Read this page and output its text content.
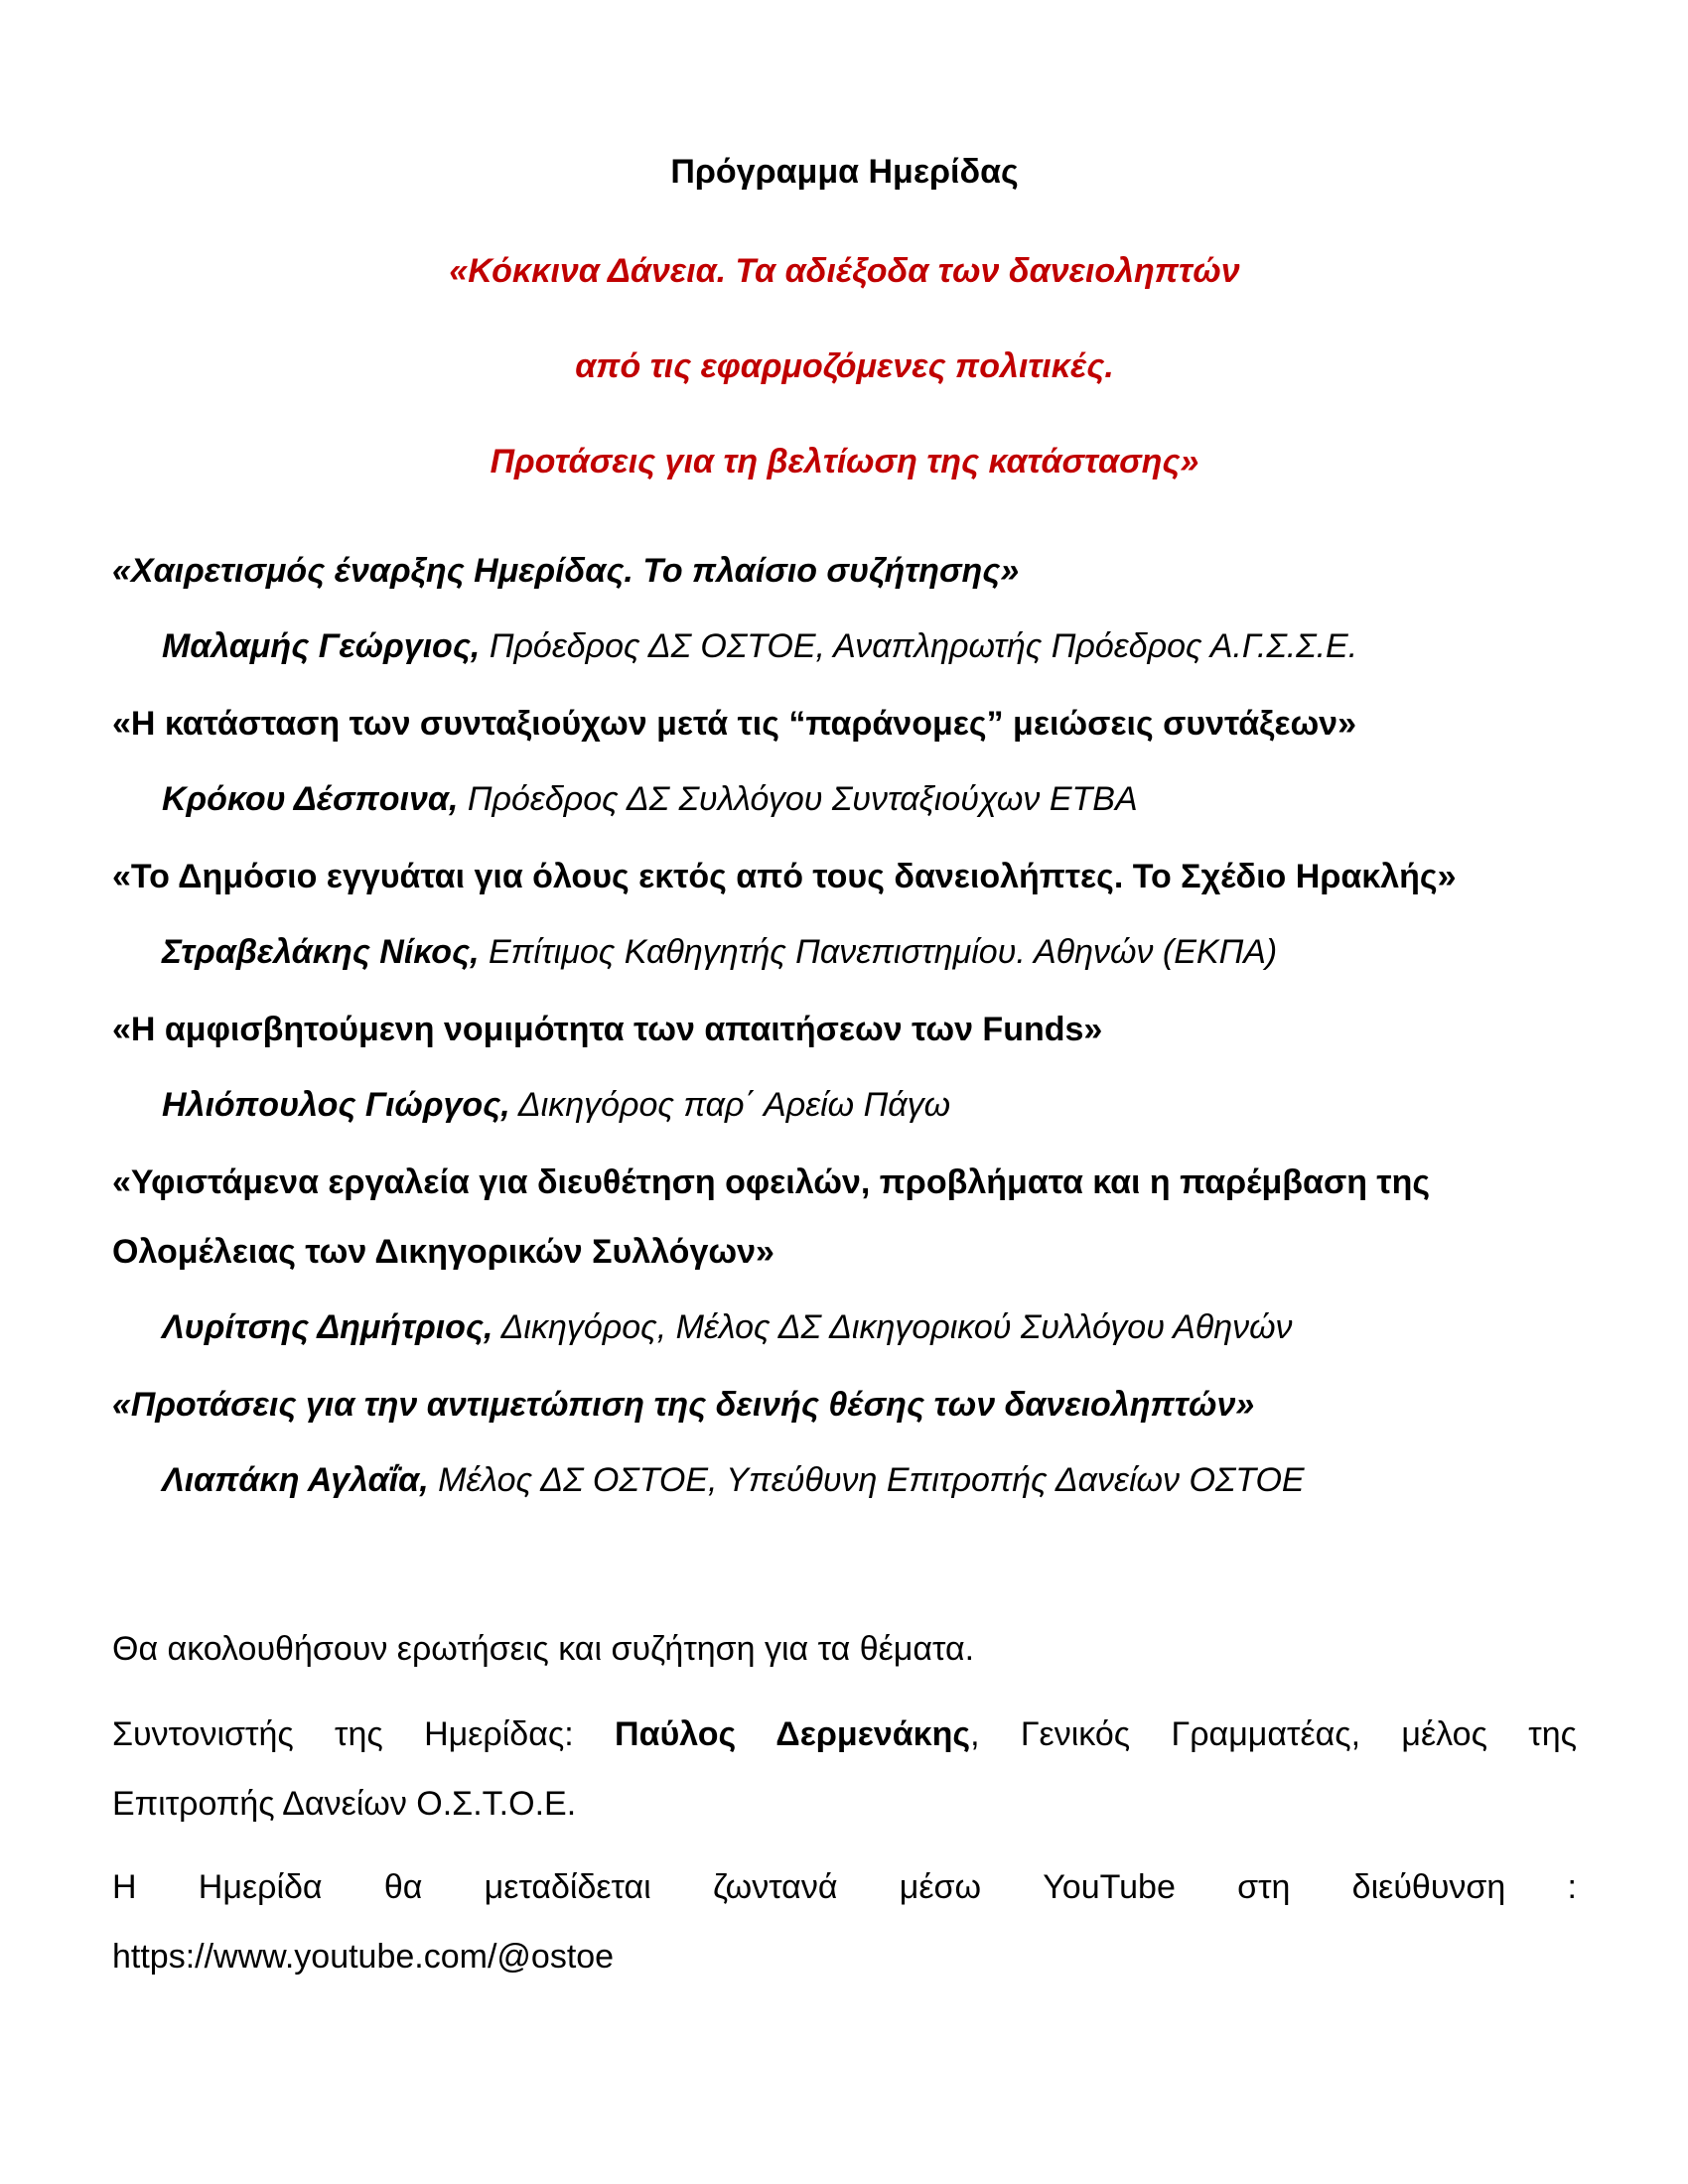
Πρόγραμμα Ημερίδας

«Κόκκινα Δάνεια. Τα αδιέξοδα των δανειοληπτών

από τις εφαρμοζόμενες πολιτικές.

Προτάσεις για τη βελτίωση της κατάστασης»

«Χαιρετισμός έναρξης Ημερίδας. Το πλαίσιο συζήτησης»

Μαλαμής Γεώργιος, Πρόεδρος ΔΣ ΟΣΤΟΕ, Αναπληρωτής Πρόεδρος Α.Γ.Σ.Σ.Ε.

«Η κατάσταση των συνταξιούχων μετά τις “παράνομες” μειώσεις συντάξεων»

Κρόκου Δέσποινα, Πρόεδρος ΔΣ Συλλόγου Συνταξιούχων ΕΤΒΑ

«Το Δημόσιο εγγυάται για όλους εκτός από τους δανειολήπτες. Το Σχέδιο Ηρακλής»

Στραβελάκης Νίκος, Επίτιμος Καθηγητής Πανεπιστημίου. Αθηνών (ΕΚΠΑ)

«Η αμφισβητούμενη νομιμότητα των απαιτήσεων των Funds»

Ηλιόπουλος Γιώργος, Δικηγόρος παρ΄ Αρείω Πάγω

«Υφιστάμενα εργαλεία για διευθέτηση οφειλών, προβλήματα και η παρέμβαση της Ολομέλειας των Δικηγορικών Συλλόγων»

Λυρίτσης Δημήτριος, Δικηγόρος, Μέλος ΔΣ Δικηγορικού Συλλόγου Αθηνών

«Προτάσεις για την αντιμετώπιση της δεινής θέσης των δανειοληπτών»

Λιαπάκη Αγλαΐα, Μέλος ΔΣ ΟΣΤΟΕ, Υπεύθυνη Επιτροπής Δανείων ΟΣΤΟΕ

Θα ακολουθήσουν ερωτήσεις και συζήτηση για τα θέματα.

Συντονιστής της Ημερίδας: Παύλος Δερμενάκης, Γενικός Γραμματέας, μέλος της
Επιτροπής Δανείων Ο.Σ.Τ.Ο.Ε.

Η Ημερίδα θα μεταδίδεται ζωντανά μέσω YouTube στη διεύθυνση :
https://www.youtube.com/@ostoe
